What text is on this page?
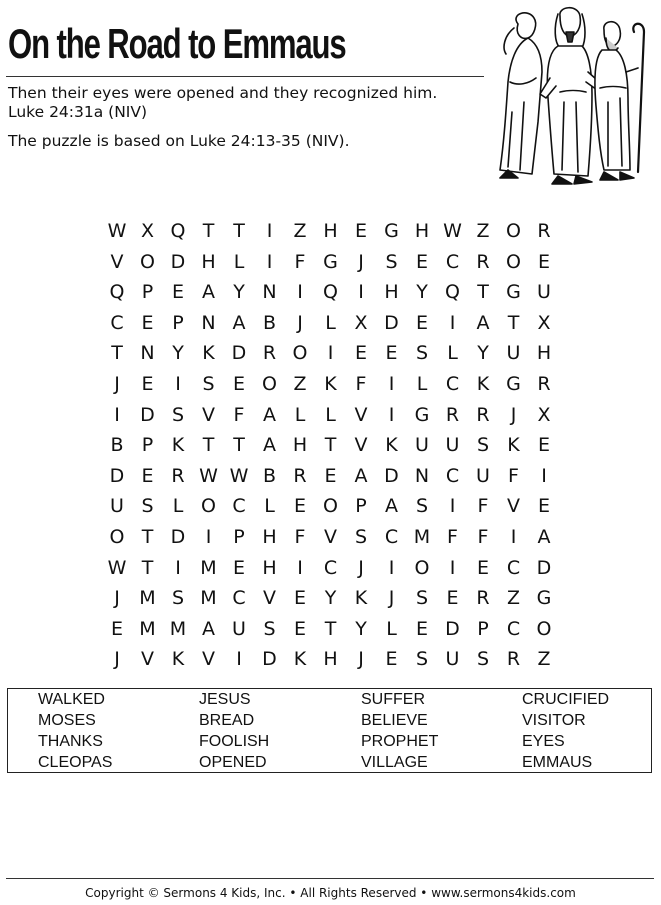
On the Road to Emmaus
Then their eyes were opened and they recognized him.
Luke 24:31a (NIV)
The puzzle is based on Luke 24:13-35 (NIV).
W X Q T T	I	Z H E G H W Z O R
V O D H L	I	F G	J	S E C R O E
Q P E A Y N	I	Q	I	H Y Q T G U
C E P N A B	J	L X D E	I	A T X
T N Y K D R O	I	E E S	L	Y U H
J	E	I	S E O Z K F	I	L C K G R
I	D S V F A L	L V	I	G R R	J	X
B P K T T A H T V K U U S K E
D E R W W B R E A D N C U F	I
U S	L O C L	E O P A S	I	F V E
O T D	I	P H F V S C M F	F	I	A
W T	I	M E H	I	C	J	I	O	I	E C D
J	M S M C V E Y K	J	S E R Z G
E M M A U S E T Y	L	E D P C O
J	V K V	I	D K H	J	E S U S R Z
WALKED	JESUS	SUFFER	CRUCIFIED
MOSES	BREAD	BELIEVE	VISITOR
THANKS	FOOLISH	PROPHET	EYES
CLEOPAS	OPENED	VILLAGE	EMMAUS
Copyright © Sermons 4 Kids, Inc. • All Rights Reserved • www.sermons4kids.com
